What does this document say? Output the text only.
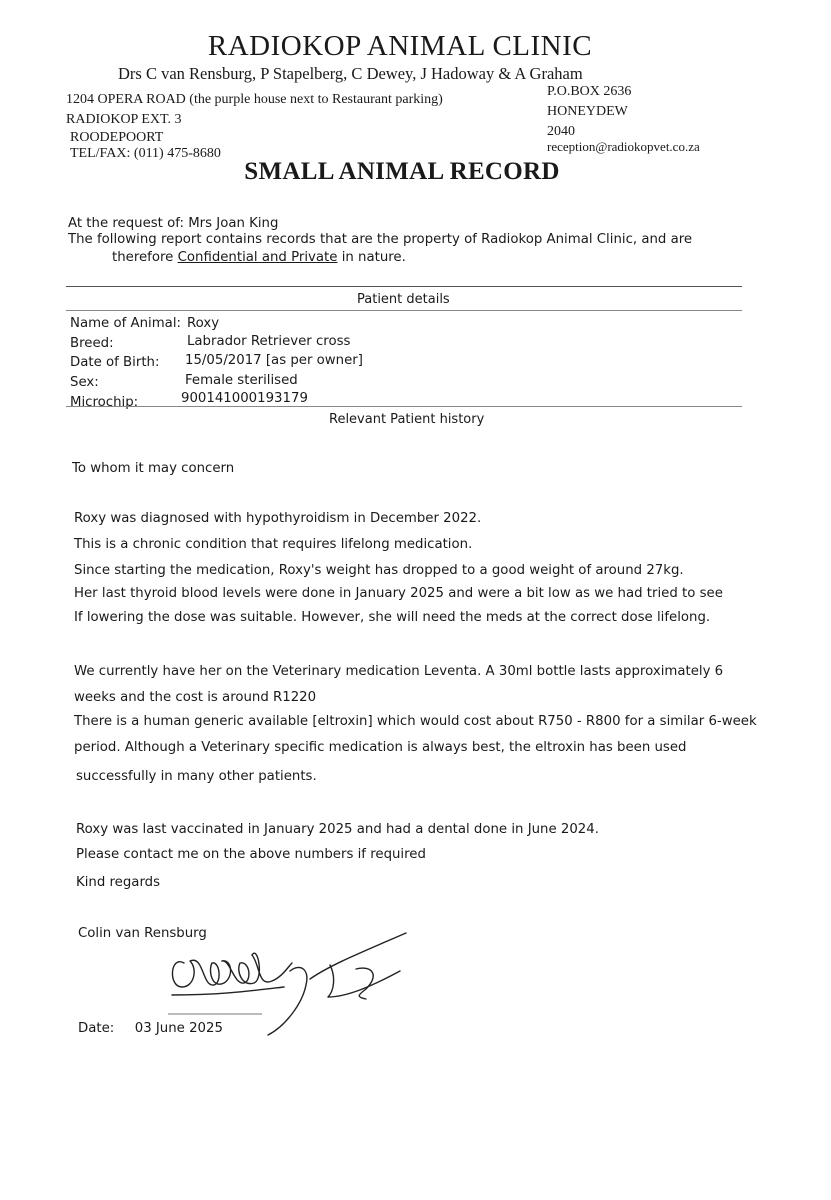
RADIOKOP ANIMAL CLINIC
Drs C van Rensburg, P Stapelberg, C Dewey, J Hadoway & A Graham
1204 OPERA ROAD (the purple house next to Restaurant parking)
RADIOKOP EXT. 3
ROODEPOORT
TEL/FAX: (011) 475-8680
P.O.BOX 2636
HONEYDEW
2040
reception@radiokopvet.co.za
SMALL ANIMAL RECORD
At the request of: Mrs Joan King
The following report contains records that are the property of Radiokop Animal Clinic, and are
therefore Confidential and Private in nature.
Patient details
Name of Animal: Roxy
Breed:	Labrador Retriever cross
Date of Birth: 15/05/2017 [as per owner]
Sex:	Female sterilised
Microchip:	900141000193179
Relevant Patient history
To whom it may concern
Roxy was diagnosed with hypothyroidism in December 2022.
This is a chronic condition that requires lifelong medication.
Since starting the medication, Roxy's weight has dropped to a good weight of around 27kg.
Her last thyroid blood levels were done in January 2025 and were a bit low as we had tried to see
If lowering the dose was suitable. However, she will need the meds at the correct dose lifelong.
We currently have her on the Veterinary medication Leventa. A 30ml bottle lasts approximately 6
weeks and the cost is around R1220
There is a human generic available [eltroxin] which would cost about R750 - R800 for a similar 6-week
period. Although a Veterinary specific medication is always best, the eltroxin has been used
successfully in many other patients.
Roxy was last vaccinated in January 2025 and had a dental done in June 2024.
Please contact me on the above numbers if required
Kind regards
Colin van Rensburg
Date: 03 June 2025
